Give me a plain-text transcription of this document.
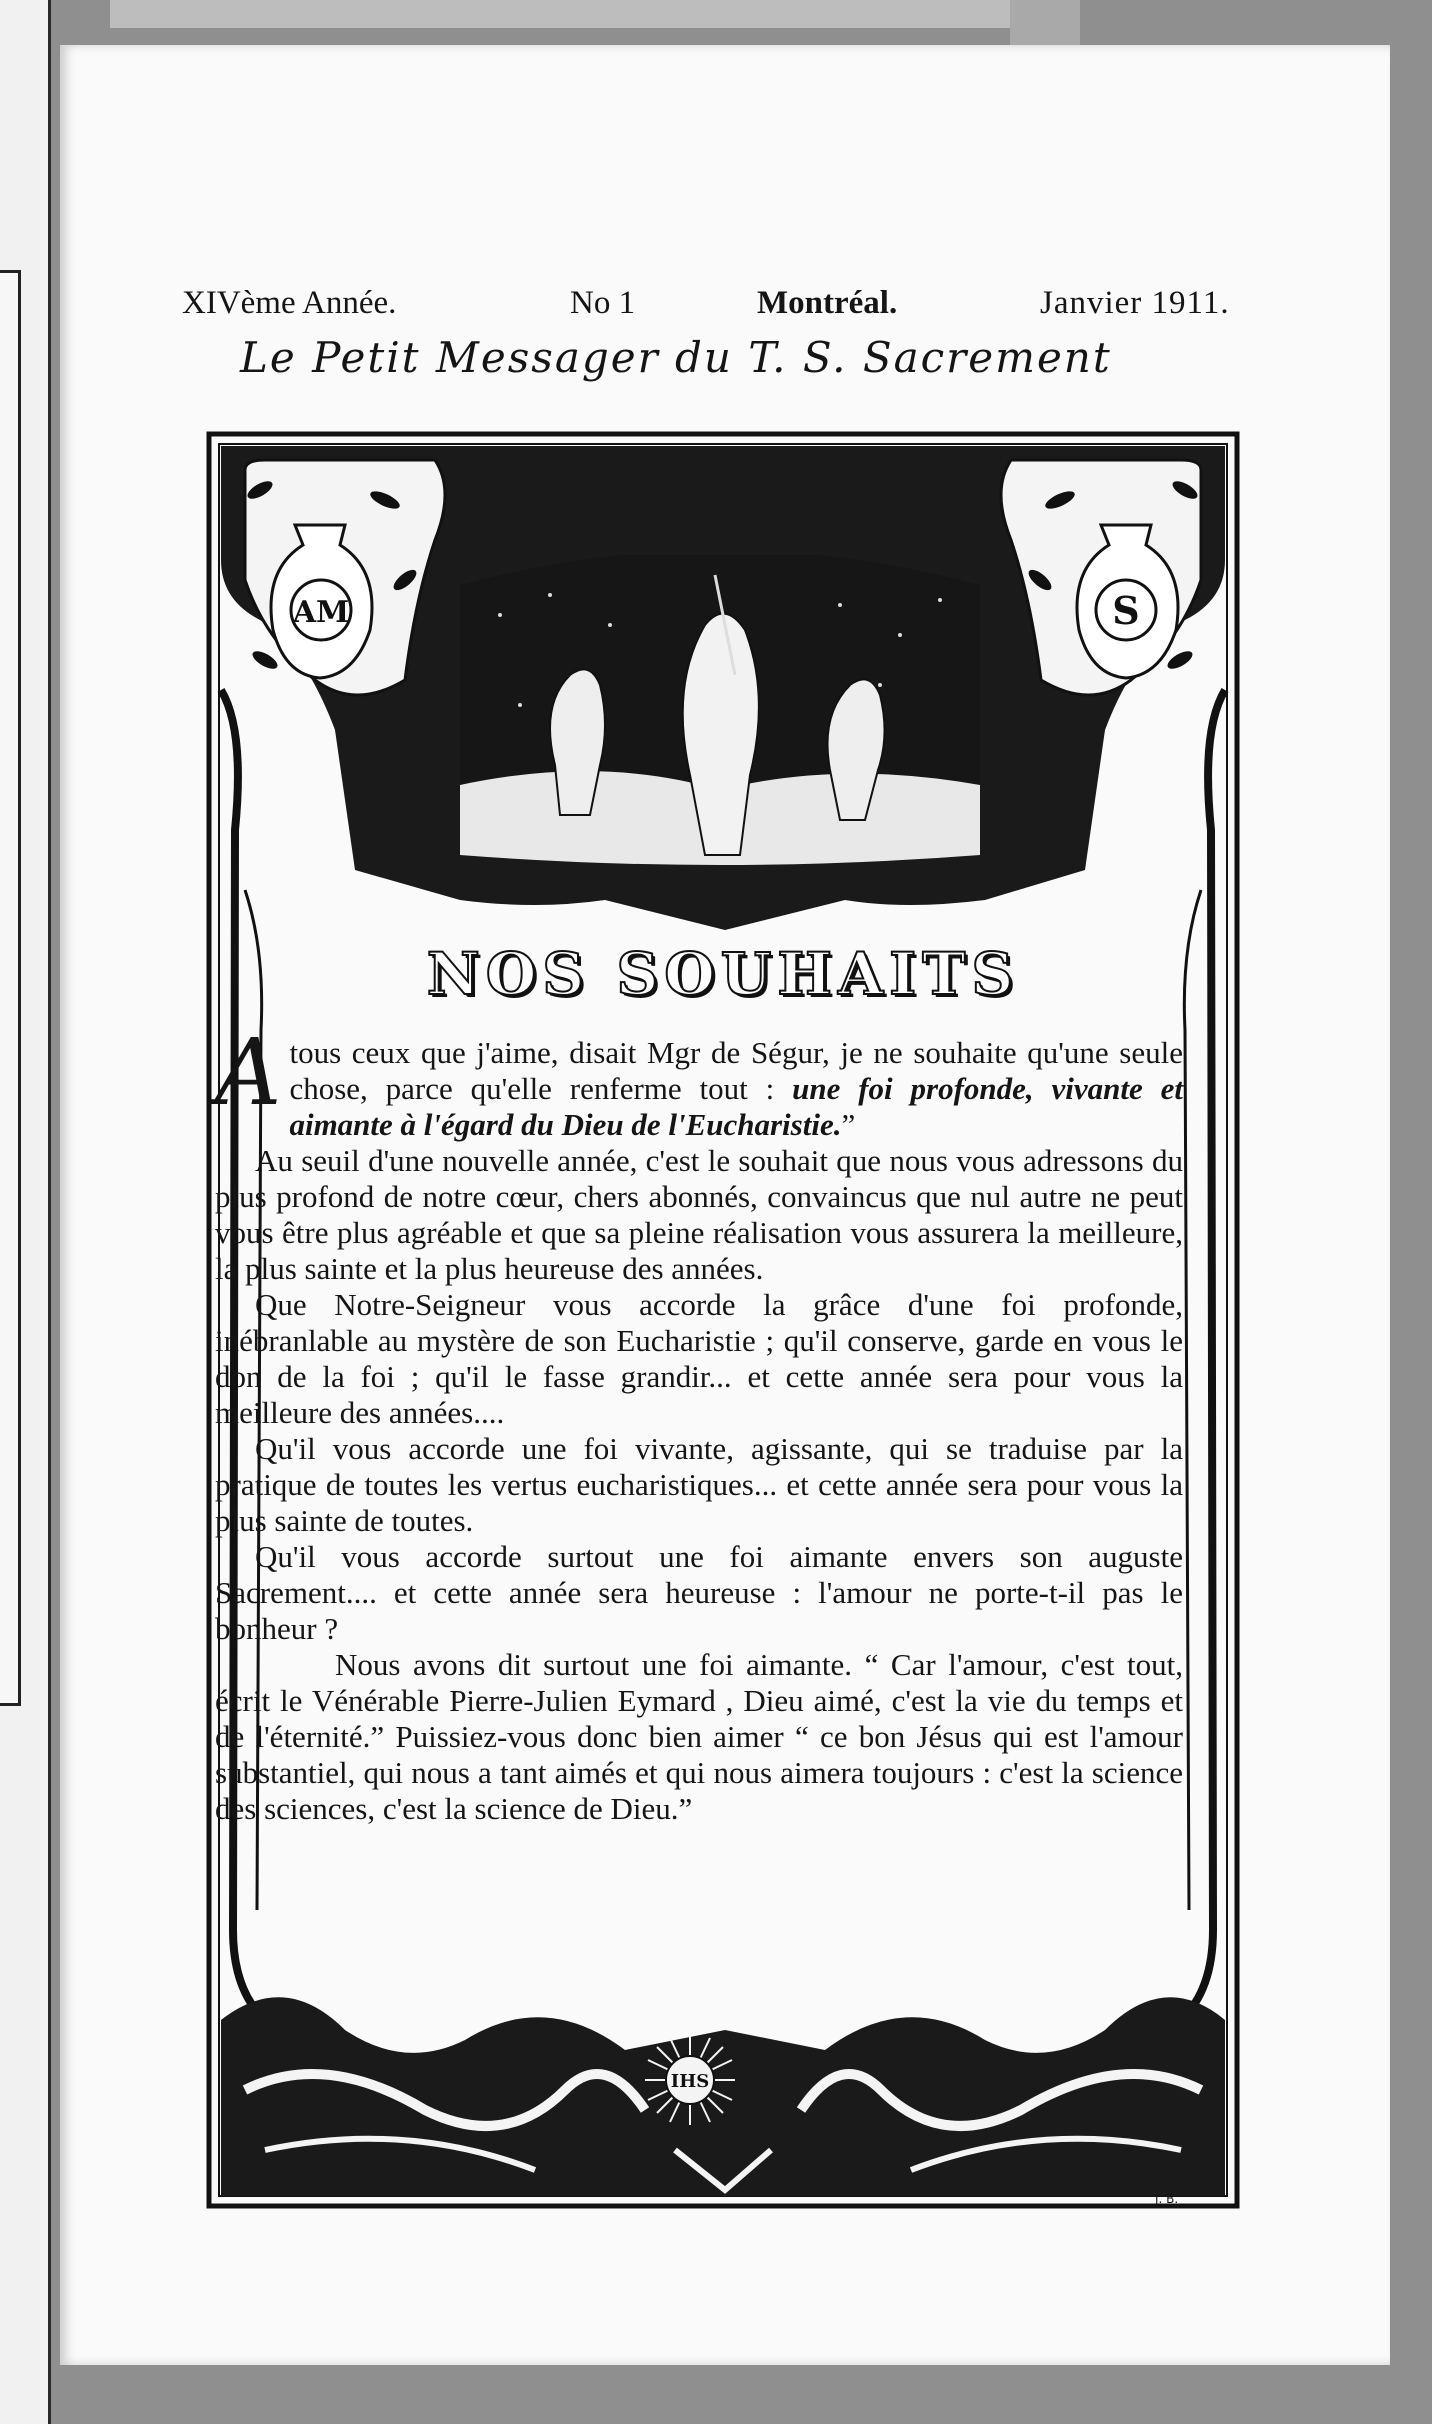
XIVème Année.	No 1	Montréal.	Janvier 1911.
Le Petit Messager du T. S. Sacrement
AM	S
NOS SOUHAITS

Atous ceux que j'aime, disait Mgr de Ségur, je ne souhaite qu'une seule chose, parce qu'elle renferme tout : une foi profonde, vivante et aimante à l'égard du Dieu de l'Eucharistie.”

Au seuil d'une nouvelle année, c'est le souhait que nous vous adressons du plus profond de notre cœur, chers abonnés, convaincus que nul autre ne peut vous être plus agréable et que sa pleine réalisation vous assurera la meilleure, la plus sainte et la plus heureuse des années.

Que Notre-Seigneur vous accorde la grâce d'une foi profonde, inébranlable au mystère de son Eucharistie ; qu'il conserve, garde en vous le don de la foi ; qu'il le fasse grandir... et cette année sera pour vous la meilleure des années....

Qu'il vous accorde une foi vivante, agissante, qui se traduise par la pratique de toutes les vertus eucharistiques... et cette année sera pour vous la plus sainte de toutes.

Qu'il vous accorde surtout une foi aimante envers son auguste Sacrement.... et cette année sera heureuse : l'amour ne porte-t-il pas le bonheur ?

Nous avons dit surtout une foi aimante. “ Car l'amour, c'est tout, écrit le Vénérable Pierre-Julien Eymard , Dieu aimé, c'est la vie du temps et de l'éternité.” Puissiez-vous donc bien aimer “ ce bon Jésus qui est l'amour substantiel, qui nous a tant aimés et qui nous aimera toujours : c'est la science des sciences, c'est la science de Dieu.”

IHS
J. B.
